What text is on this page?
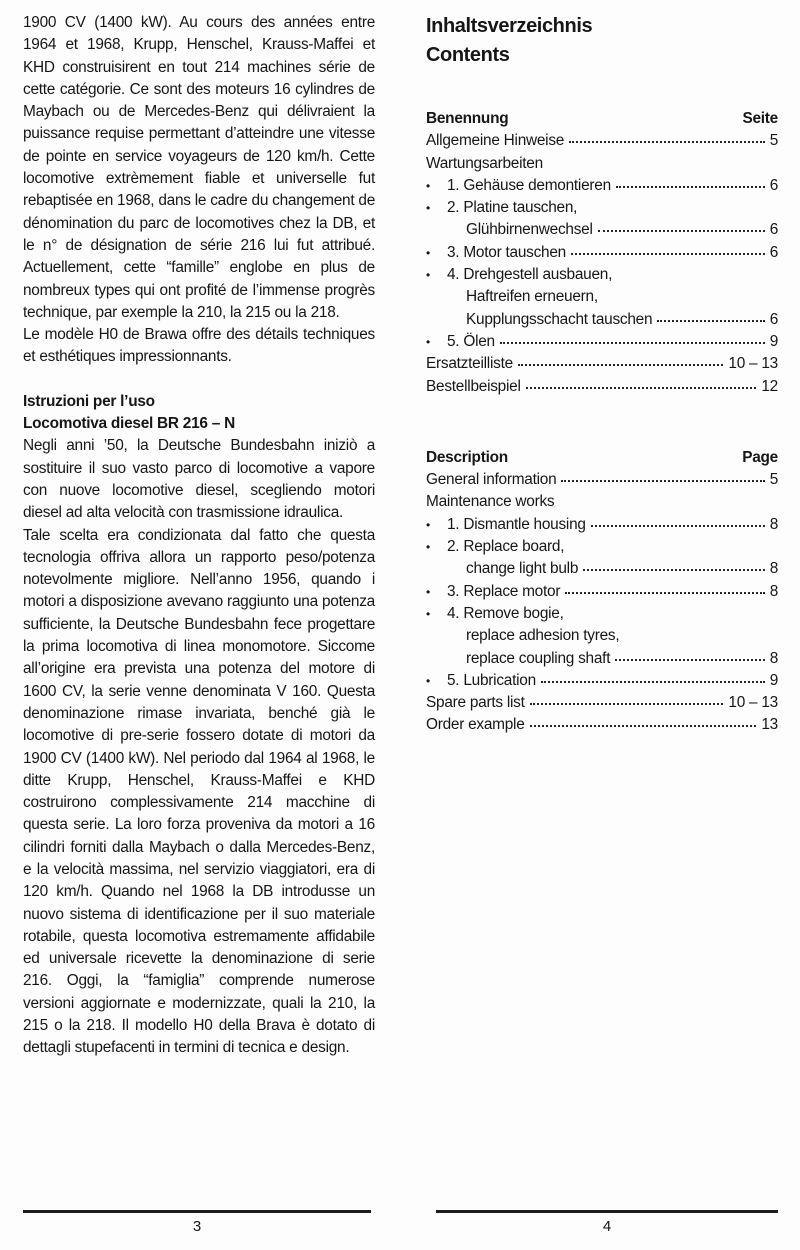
1900 CV (1400 kW). Au cours des années entre 1964 et 1968, Krupp, Henschel, Krauss-Maffei et KHD construisirent en tout 214 machines série de cette catégorie. Ce sont des moteurs 16 cylindres de Maybach ou de Mercedes-Benz qui délivraient la puissance requise permettant d’atteindre une vitesse de pointe en service voyageurs de 120 km/h. Cette locomotive extrèmement fiable et universelle fut rebaptisée en 1968, dans le cadre du changement de dénomination du parc de locomotives chez la DB, et le n° de désignation de série 216 lui fut attribué. Actuellement, cette “famille” englobe en plus de nombreux types qui ont profité de l’immense progrès technique, par exemple la 210, la 215 ou la 218.

Le modèle H0 de Brawa offre des détails techniques et esthétiques impressionnants.

Istruzioni per l’uso

Locomotiva diesel BR 216 – N

Negli anni ’50, la Deutsche Bundesbahn iniziò a sostituire il suo vasto parco di locomotive a vapore con nuove locomotive diesel, scegliendo motori diesel ad alta velocità con trasmissione idraulica.

Tale scelta era condizionata dal fatto che questa tecnologia offriva allora un rapporto peso/potenza notevolmente migliore. Nell’anno 1956, quando i motori a disposizione avevano raggiunto una potenza sufficiente, la Deutsche Bundesbahn fece progettare la prima locomotiva di linea monomotore. Siccome all’origine era prevista una potenza del motore di 1600 CV, la serie venne denominata V 160. Questa denominazione rimase invariata, benché già le locomotive di pre-serie fossero dotate di motori da 1900 CV (1400 kW). Nel periodo dal 1964 al 1968, le ditte Krupp, Henschel, Krauss-Maffei e KHD costruirono complessivamente 214 macchine di questa serie. La loro forza proveniva da motori a 16 cilindri forniti dalla Maybach o dalla Mercedes-Benz, e la velocità massima, nel servizio viaggiatori, era di 120 km/h. Quando nel 1968 la DB introdusse un nuovo sistema di identificazione per il suo materiale rotabile, questa locomotiva estremamente affidabile ed universale ricevette la denominazione di serie 216. Oggi, la “famiglia” comprende numerose versioni aggiornate e modernizzate, quali la 210, la 215 o la 218. Il modello H0 della Brava è dotato di dettagli stupefacenti in termini di tecnica e design.

Inhaltsverzeichnis
Contents
Benennung	Seite
Allgemeine Hinweise	5
Wartungsarbeiten
•	1. Gehäuse demontieren	6
•	2. Platine tauschen,
Glühbirnenwechsel	6
•	3. Motor tauschen	6
•	4. Drehgestell ausbauen,
Haftreifen erneuern,
Kupplungsschacht tauschen	6
•	5. Ölen	9
Ersatzteilliste	10 – 13
Bestellbeispiel	12
Description	Page
General information	5
Maintenance works
•	1. Dismantle housing	8
•	2. Replace board,
change light bulb	8
•	3. Replace motor	8
•	4. Remove bogie,
replace adhesion tyres,
replace coupling shaft	8
•	5. Lubrication	9
Spare parts list	10 – 13
Order example	13
3	4
